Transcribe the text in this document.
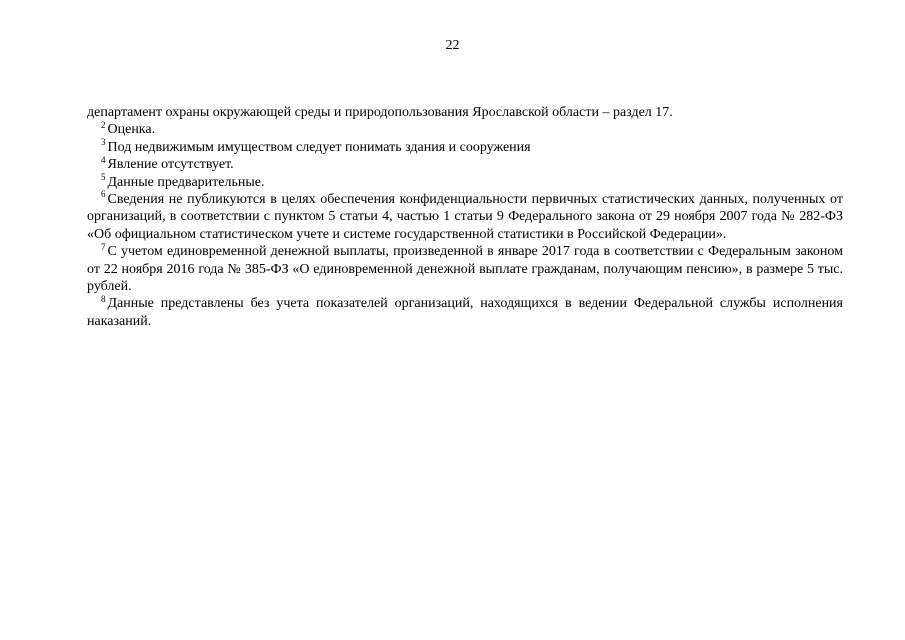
22

департамент охраны окружающей среды и природопользования Ярославской области – раздел 17.

$^2$ Оценка.

$^3$ Под недвижимым имуществом следует понимать здания и сооружения

$^4$ Явление отсутствует.

$^5$ Данные предварительные.

$^6$ Сведения не публикуются в целях обеспечения конфиденциальности первичных статистических данных, полученных от организаций, в соответствии с пунктом 5 статьи 4, частью 1 статьи 9 Федерального закона от 29 ноября 2007 года № 282-ФЗ «Об официальном статистическом учете и системе государственной статистики в Российской Федерации».

$^7$ С учетом единовременной денежной выплаты, произведенной в январе 2017 года в соответствии с Федеральным законом от 22 ноября 2016 года № 385-ФЗ «О единовременной денежной выплате гражданам, получающим пенсию», в размере 5 тыс. рублей.

$^8$ Данные представлены без учета показателей организаций, находящихся в ведении Федеральной службы исполнения наказаний.
